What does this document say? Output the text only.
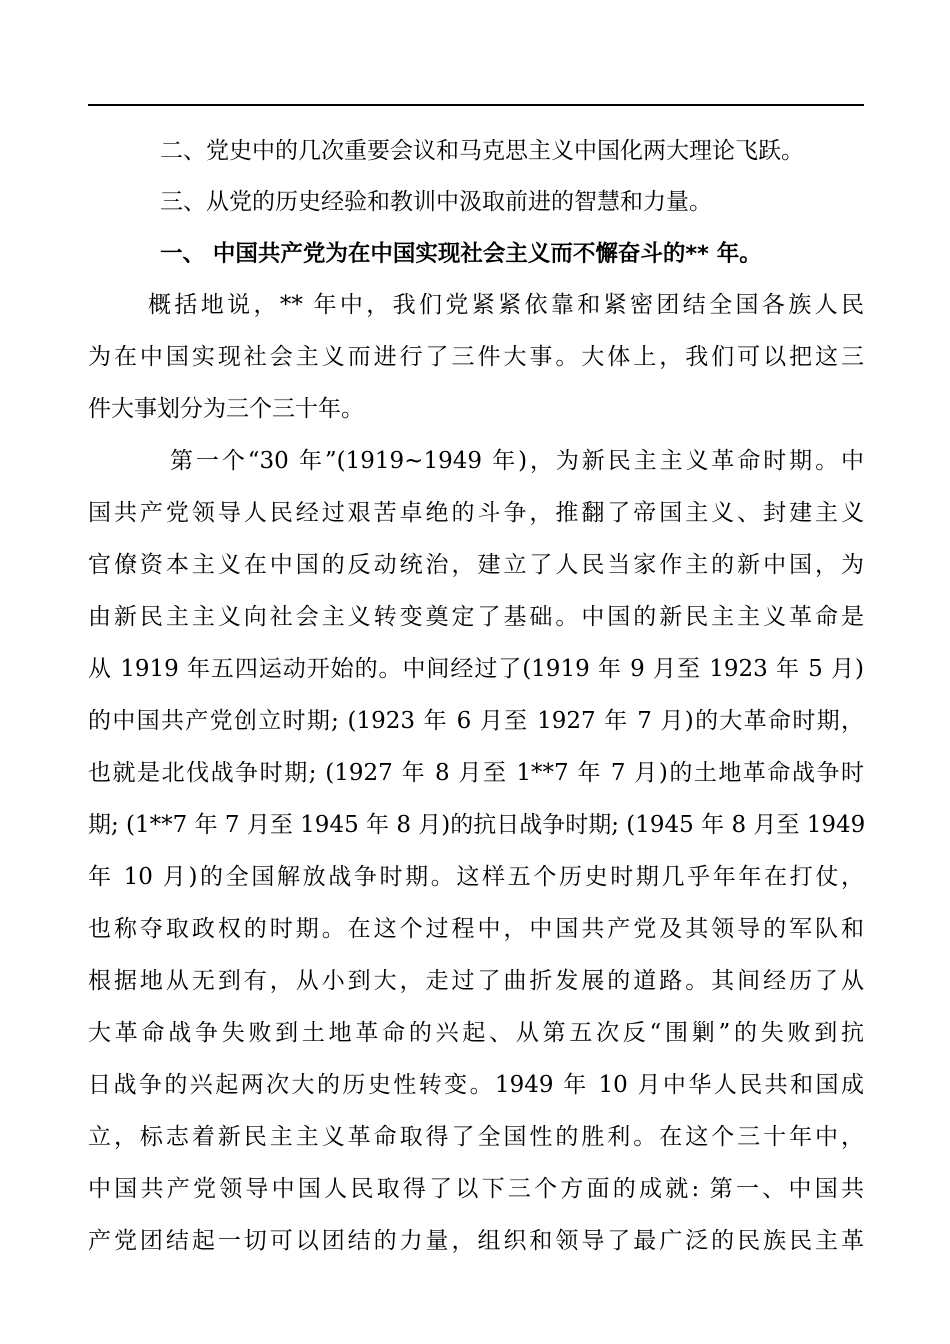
二、党史中的几次重要会议和马克思主义中国化两大理论飞跃。
三、从党的历史经验和教训中汲取前进的智慧和力量。
一、 中国共产党为在中国实现社会主义而不懈奋斗的** 年。
概括地说，** 年中，我们党紧紧依靠和紧密团结全国各族人民
为在中国实现社会主义而进行了三件大事。大体上，我们可以把这三
件大事划分为三个三十年。
第一个“30 年”(1919~1949 年)，为新民主主义革命时期。中
国共产党领导人民经过艰苦卓绝的斗争，推翻了帝国主义、封建主义
官僚资本主义在中国的反动统治，建立了人民当家作主的新中国，为
由新民主主义向社会主义转变奠定了基础。中国的新民主主义革命是
从 1919 年五四运动开始的。中间经过了(1919 年 9 月至 1923 年 5 月)
的中国共产党创立时期; (1923 年 6 月至 1927 年 7 月)的大革命时期，
也就是北伐战争时期; (1927 年 8 月至 1**7 年 7 月)的土地革命战争时
期; (1**7 年 7 月至 1945 年 8 月)的抗日战争时期; (1945 年 8 月至 1949
年 10 月)的全国解放战争时期。这样五个历史时期几乎年年在打仗，
也称夺取政权的时期。在这个过程中，中国共产党及其领导的军队和
根据地从无到有，从小到大，走过了曲折发展的道路。其间经历了从
大革命战争失败到土地革命的兴起、从第五次反“围剿”的失败到抗
日战争的兴起两次大的历史性转变。1949 年 10 月中华人民共和国成
立，标志着新民主主义革命取得了全国性的胜利。在这个三十年中，
中国共产党领导中国人民取得了以下三个方面的成就: 第一、中国共
产党团结起一切可以团结的力量，组织和领导了最广泛的民族民主革
